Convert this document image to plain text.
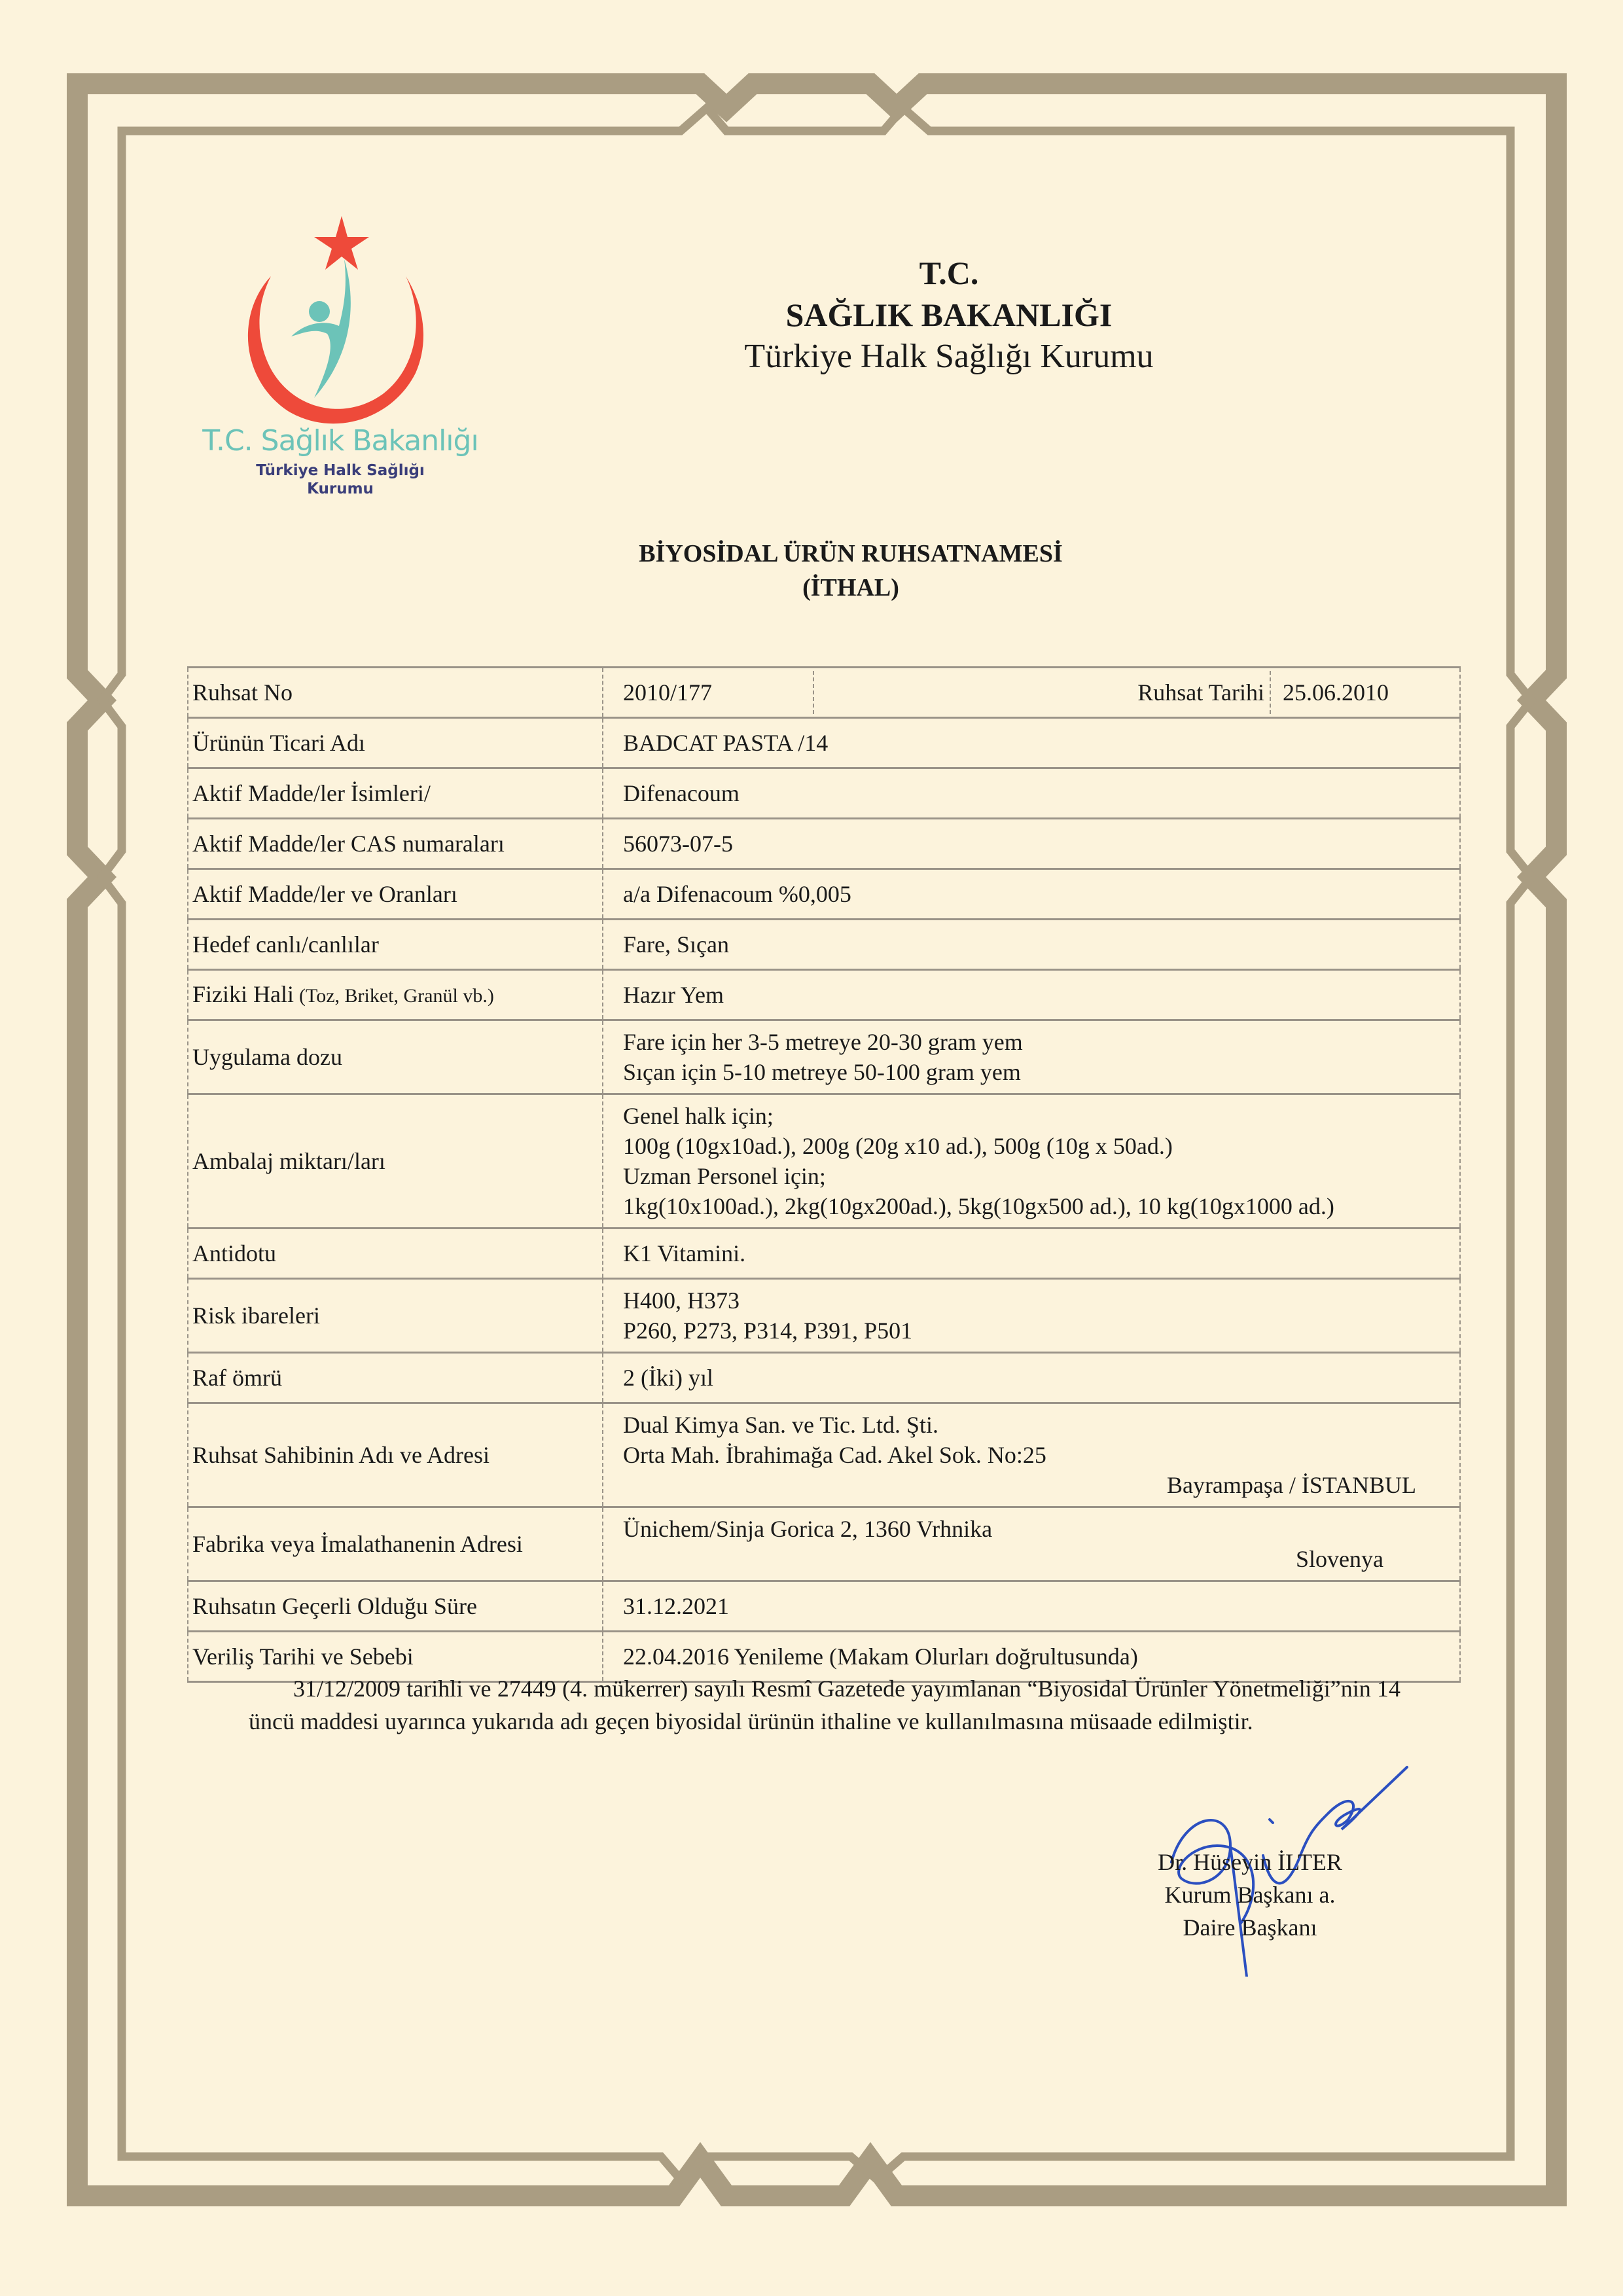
T.C. Sağlık Bakanlığı
Türkiye Halk Sağlığı
Kurumu
T.C.
SAĞLIK BAKANLIĞI
Türkiye Halk Sağlığı Kurumu
BİYOSİDAL ÜRÜN RUHSATNAMESİ
(İTHAL)
Ruhsat No	2010/177 Ruhsat Tarihi 25.06.2010

Ürünün Ticari Adı	BADCAT PASTA /14

Aktif Madde/ler İsimleri/	Difenacoum

Aktif Madde/ler CAS numaraları	56073-07-5

Aktif Madde/ler ve Oranları	a/a Difenacoum %0,005

Hedef canlı/canlılar	Fare, Sıçan

Fiziki Hali (Toz, Briket, Granül vb.)	Hazır Yem

Uygulama dozu	Fare için her 3-5 metreye 20-30 gram yem
Sıçan için 5-10 metreye 50-100 gram yem

Ambalaj miktarı/ları	Genel halk için;
100g (10gx10ad.), 200g (20g x10 ad.), 500g (10g x 50ad.)
Uzman Personel için;
1kg(10x100ad.), 2kg(10gx200ad.), 5kg(10gx500 ad.), 10 kg(10gx1000 ad.)

Antidotu	K1 Vitamini.

Risk ibareleri	H400, H373
P260, P273, P314, P391, P501

Raf ömrü	2 (İki) yıl

Ruhsat Sahibinin Adı ve Adresi	Dual Kimya San. ve Tic. Ltd. Şti.
Orta Mah. İbrahimağa Cad. Akel Sok. No:25
Bayrampaşa / İSTANBUL

Fabrika veya İmalathanenin Adresi	Ünichem/Sinja Gorica 2, 1360 Vrhnika
Slovenya

Ruhsatın Geçerli Olduğu Süre	31.12.2021

Veriliş Tarihi ve Sebebi	22.04.2016 Yenileme (Makam Olurları doğrultusunda)
31/12/2009 tarihli ve 27449 (4. mükerrer) sayılı Resmî Gazetede yayımlanan “Biyosidal Ürünler Yönetmeliği”nin 14 üncü maddesi uyarınca yukarıda adı geçen biyosidal ürünün ithaline ve kullanılmasına müsaade edilmiştir.
Dr. Hüseyin İLTER
Kurum Başkanı a.
Daire Başkanı
